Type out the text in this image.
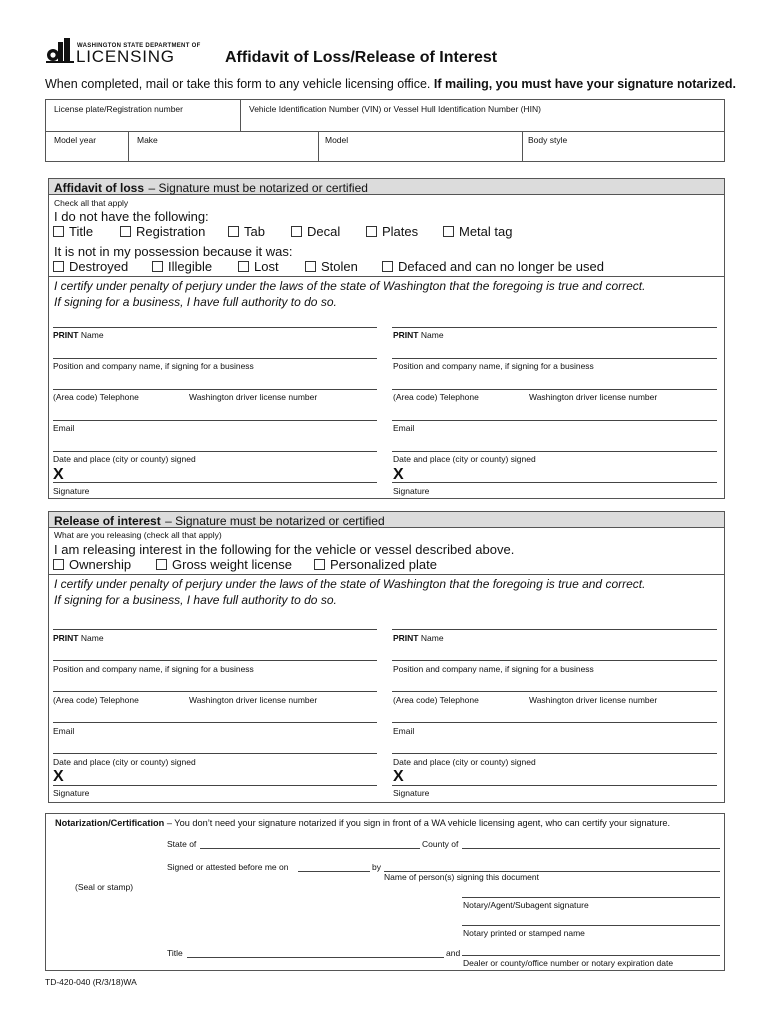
WASHINGTON STATE DEPARTMENT OF
LICENSING	Affidavit of Loss/Release of Interest
When completed, mail or take this form to any vehicle licensing office. If mailing, you must have your signature notarized.
License plate/Registration number	Vehicle Identification Number (VIN) or Vessel Hull Identification Number (HIN)
Model year	Make	Model	Body style
Affidavit of loss – Signature must be notarized or certified
Check all that apply
I do not have the following:
Title	Registration	Tab	Decal	Plates	Metal tag
It is not in my possession because it was:
Destroyed	Illegible	Lost	Stolen	Defaced and can no longer be used
I certify under penalty of perjury under the laws of the state of Washington that the foregoing is true and correct.
If signing for a business, I have full authority to do so.
PRINT Name	PRINT Name
Position and company name, if signing for a business	Position and company name, if signing for a business
(Area code) Telephone	Washington driver license number	(Area code) Telephone	Washington driver license number
Email	Email
Date and place (city or county) signed	Date and place (city or county) signed
X	X
Signature	Signature
Release of interest – Signature must be notarized or certified
What are you releasing (check all that apply)
I am releasing interest in the following for the vehicle or vessel described above.
Ownership	Gross weight license	Personalized plate
I certify under penalty of perjury under the laws of the state of Washington that the foregoing is true and correct.
If signing for a business, I have full authority to do so.
PRINT Name	PRINT Name
Position and company name, if signing for a business	Position and company name, if signing for a business
(Area code) Telephone	Washington driver license number	(Area code) Telephone	Washington driver license number
Email	Email
Date and place (city or county) signed	Date and place (city or county) signed
X	X
Signature	Signature
Notarization/Certification – You don’t need your signature notarized if you sign in front of a WA vehicle licensing agent, who can certify your signature.
State of	County of
Signed or attested before me on	by
Name of person(s) signing this document
(Seal or stamp)
Notary/Agent/Subagent signature
Notary printed or stamped name
Title	and
Dealer or county/office number or notary expiration date
TD-420-040 (R/3/18)WA
